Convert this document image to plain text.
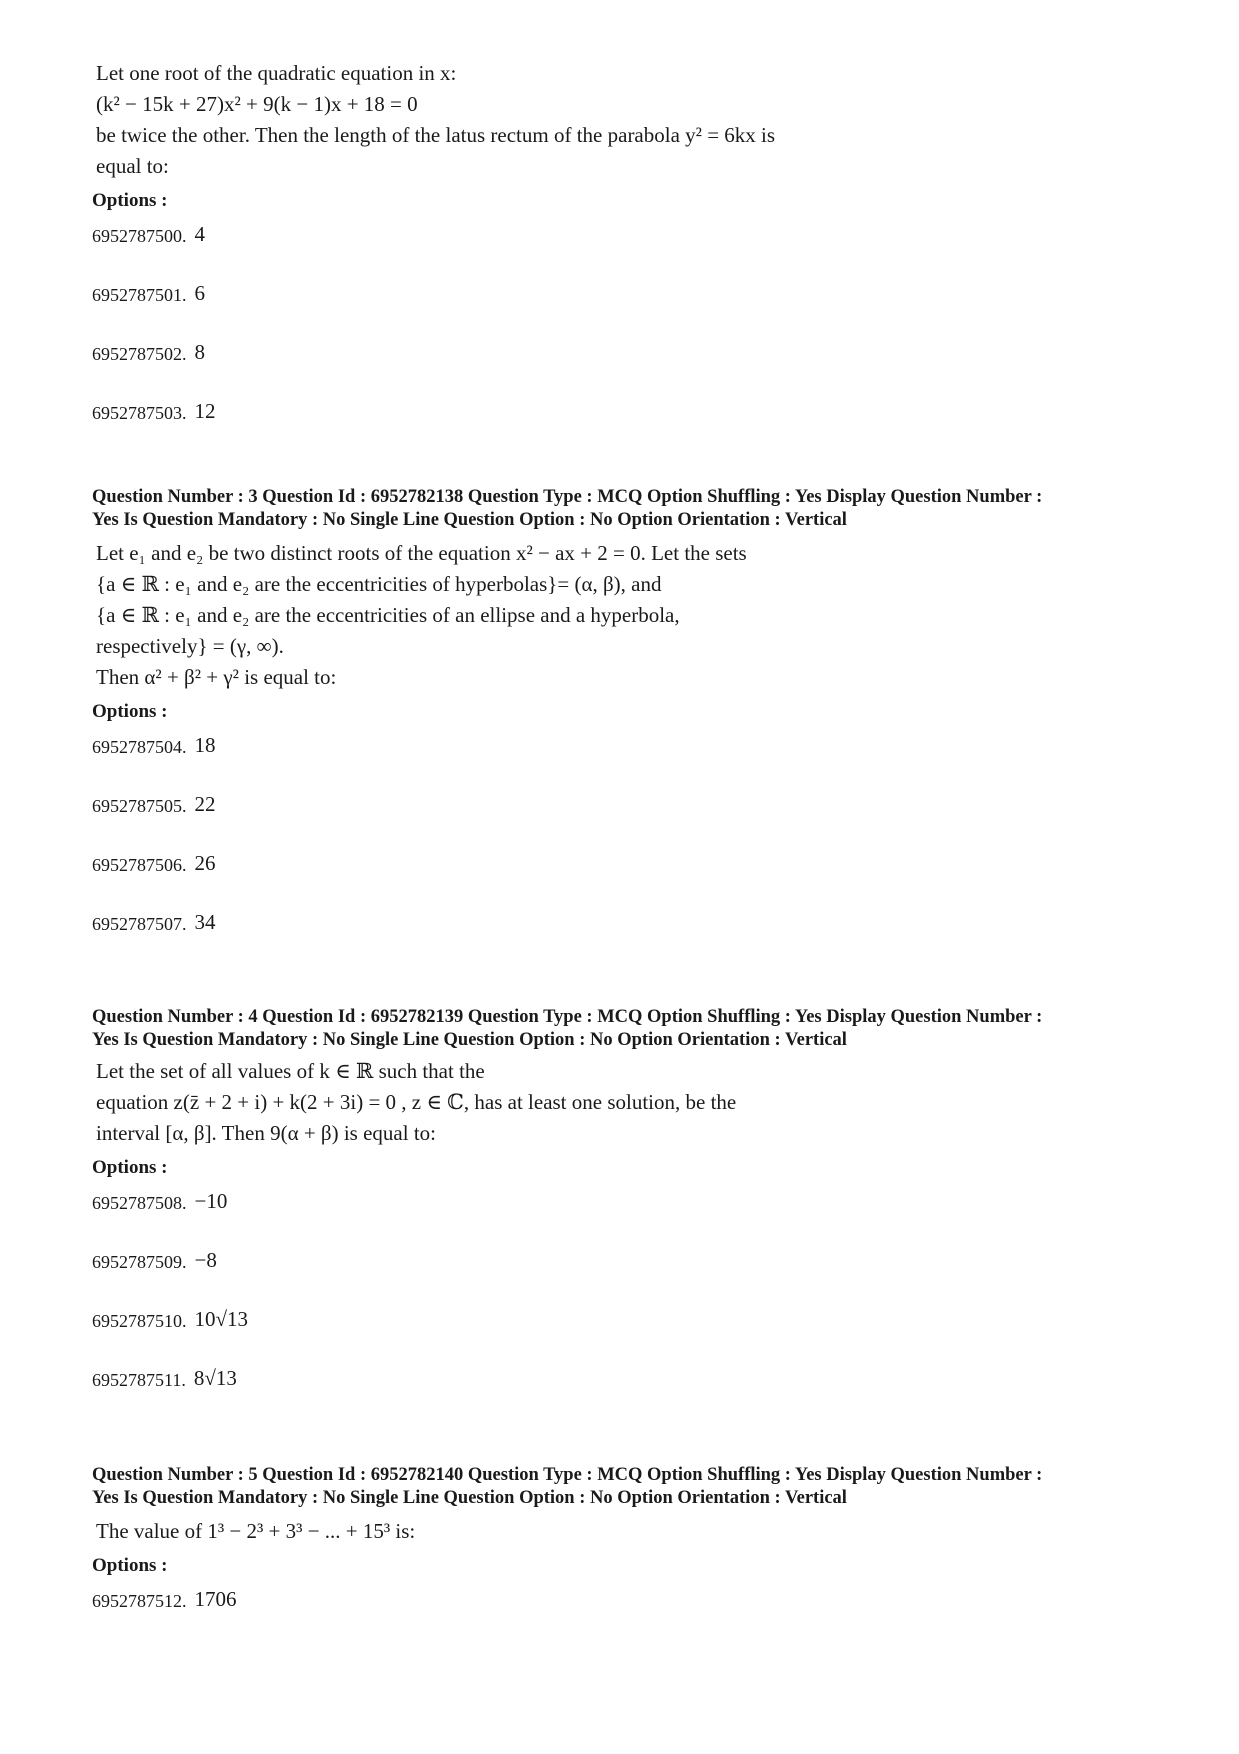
Let one root of the quadratic equation in x:
(k² − 15k + 27)x² + 9(k − 1)x + 18 = 0
be twice the other. Then the length of the latus rectum of the parabola y² = 6kx is
equal to:
Options :
6952787500. 4
6952787501. 6
6952787502. 8
6952787503. 12
Question Number : 3 Question Id : 6952782138 Question Type : MCQ Option Shuffling : Yes Display Question Number :
Yes Is Question Mandatory : No Single Line Question Option : No Option Orientation : Vertical
Let e₁ and e₂ be two distinct roots of the equation x² − ax + 2 = 0. Let the sets
{a ∈ ℝ : e₁ and e₂ are the eccentricities of hyperbolas}= (α, β), and
{a ∈ ℝ : e₁ and e₂ are the eccentricities of an ellipse and a hyperbola,
respectively} = (γ, ∞).
Then α² + β² + γ² is equal to:
Options :
6952787504. 18
6952787505. 22
6952787506. 26
6952787507. 34
Question Number : 4 Question Id : 6952782139 Question Type : MCQ Option Shuffling : Yes Display Question Number :
Yes Is Question Mandatory : No Single Line Question Option : No Option Orientation : Vertical
Let the set of all values of k ∈ ℝ such that the
equation z(z̄ + 2 + i) + k(2 + 3i) = 0 , z ∈ ℂ, has at least one solution, be the
interval [α, β]. Then 9(α + β) is equal to:
Options :
6952787508. −10
6952787509. −8
6952787510. 10√13
6952787511. 8√13
Question Number : 5 Question Id : 6952782140 Question Type : MCQ Option Shuffling : Yes Display Question Number :
Yes Is Question Mandatory : No Single Line Question Option : No Option Orientation : Vertical
The value of 1³ − 2³ + 3³ − ... + 15³ is:
Options :
6952787512. 1706
